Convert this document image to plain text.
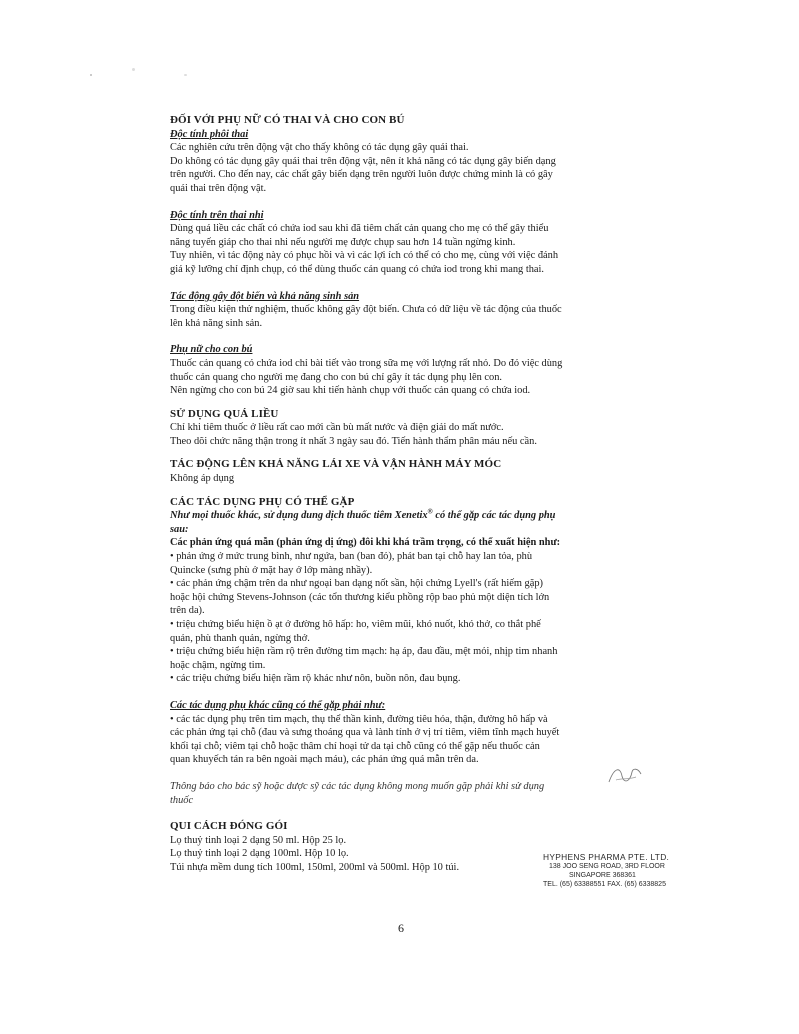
ĐỐI VỚI PHỤ NỮ CÓ THAI VÀ CHO CON BÚ

Độc tính phôi thai

Các nghiên cứu trên động vật cho thấy không có tác dụng gây quái thai.

Do không có tác dụng gây quái thai trên động vật, nên ít khả năng có tác dụng gây biến dạng

trên người. Cho đến nay, các chất gây biến dạng trên người luôn được chứng minh là có gây

quái thai trên động vật.

Độc tính trên thai nhi

Dùng quá liều các chất có chứa iod sau khi đã tiêm chất cản quang cho mẹ có thể gây thiểu

năng tuyến giáp cho thai nhi nếu người mẹ được chụp sau hơn 14 tuần ngừng kinh.

Tuy nhiên, vì tác động này có phục hồi và vì các lợi ích có thể có cho mẹ, cùng với việc đánh

giá kỹ lưỡng chỉ định chụp, có thể dùng thuốc cản quang có chứa iod trong khi mang thai.

Tác động gây đột biến và khả năng sinh sản

Trong điều kiện thử nghiệm, thuốc không gây đột biến. Chưa có dữ liệu về tác động của thuốc

lên khả năng sinh sản.

Phụ nữ cho con bú

Thuốc cản quang có chứa iod chỉ bài tiết vào trong sữa mẹ với lượng rất nhỏ. Do đó việc dùng

thuốc cản quang cho người mẹ đang cho con bú chỉ gây ít tác dụng phụ lên con.

Nên ngừng cho con bú 24 giờ sau khi tiến hành chụp với thuốc cản quang có chứa iod.

SỬ DỤNG QUÁ LIỀU

Chỉ khi tiêm thuốc ở liều rất cao mới cần bù mất nước và điện giải do mất nước.

Theo dõi chức năng thận trong ít nhất 3 ngày sau đó. Tiến hành thẩm phân máu nếu cần.

TÁC ĐỘNG LÊN KHẢ NĂNG LÁI XE VÀ VẬN HÀNH MÁY MÓC

Không áp dụng

CÁC TÁC DỤNG PHỤ CÓ THỂ GẶP

Như mọi thuốc khác, sử dụng dung dịch thuốc tiêm Xenetix® có thể gặp các tác dụng phụ

sau:

Các phản ứng quá mẫn (phản ứng dị ứng) đôi khi khá trầm trọng, có thể xuất hiện như:

• phản ứng ở mức trung bình, như ngứa, ban (ban đỏ), phát ban tại chỗ hay lan tỏa, phù

Quincke (sưng phù ở mặt hay ở lớp màng nhầy).

• các phản ứng chậm trên da như ngoại ban dạng nốt sần, hội chứng Lyell's (rất hiếm gặp)

hoặc hội chứng Stevens-Johnson (các tổn thương kiểu phồng rộp bao phủ một diện tích lớn

trên da).

• triệu chứng biểu hiện ồ ạt ở đường hô hấp: ho, viêm mũi, khó nuốt, khó thở, co thắt phế

quản, phù thanh quản, ngừng thở.

• triệu chứng biểu hiện rầm rộ trên đường tim mạch: hạ áp, đau đầu, mệt mỏi, nhịp tim nhanh

hoặc chậm, ngừng tim.

• các triệu chứng biểu hiện rầm rộ khác như nôn, buồn nôn, đau bụng.

Các tác dụng phụ khác cũng có thể gặp phải như:

• các tác dụng phụ trên tim mạch, thụ thể thần kinh, đường tiêu hóa, thận, đường hô hấp và

các phản ứng tại chỗ (đau và sưng thoáng qua và lành tính ở vị trí tiêm, viêm tĩnh mạch huyết

khối tại chỗ; viêm tại chỗ hoặc thâm chí hoại tử da tại chỗ cũng có thể gặp nếu thuốc cản

quan khuyếch tán ra bên ngoài mạch máu), các phản ứng quá mẫn trên da.

Thông báo cho bác sỹ hoặc dược sỹ các tác dụng không mong muốn gặp phải khi sử dụng

thuốc

QUI CÁCH ĐÓNG GÓI

Lọ thuỷ tinh loại 2 dạng 50 ml. Hộp 25 lọ.

Lọ thuỷ tinh loại 2 dạng 100ml. Hộp 10 lọ.

Túi nhựa mềm dung tích 100ml, 150ml, 200ml và 500ml. Hộp 10 túi.

HYPHENS PHARMA PTE. LTD.
138 JOO SENG ROAD, 3RD FLOOR
SINGAPORE 368361
TEL. (65) 63388551 FAX. (65) 6338825
6
